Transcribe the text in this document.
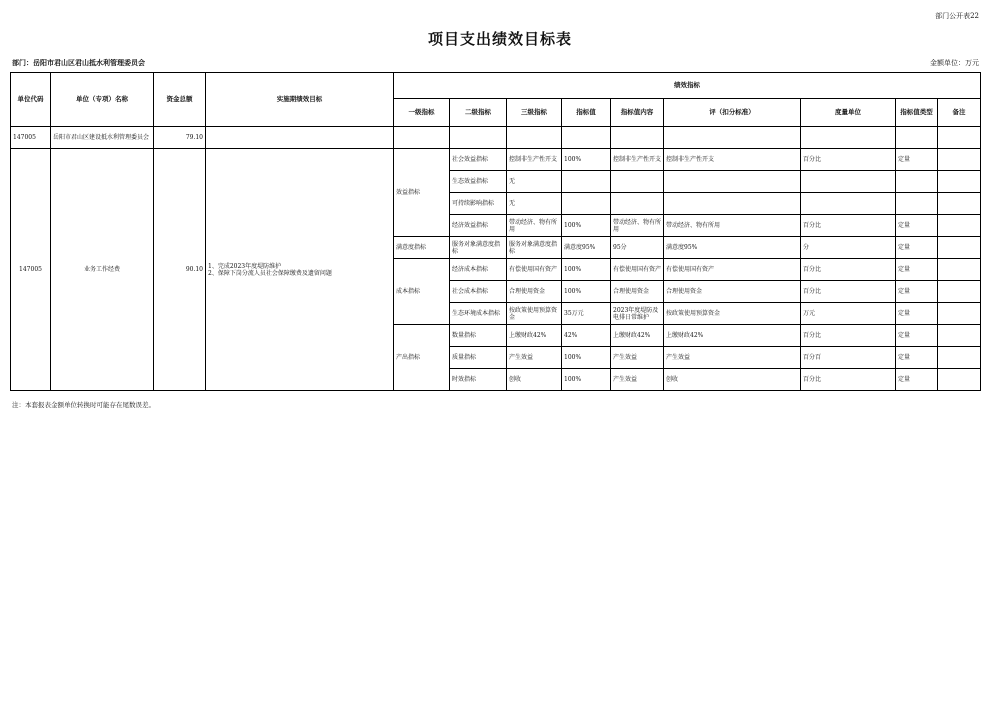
部门公开表22
项目支出绩效目标表
部门：岳阳市君山区君山抵水利管理委员会	金额单位：万元
单位代码	单位（专项）名称	资金总额	实施期绩效目标	绩效指标								
				一级指标	二级指标	三级指标	指标值	指标值内容	评（扣分标准）	度量单位	指标值类型	备注
147005	岳阳市君山区建设抵水利管理委员会	79.10										
147005	业务工作经费	90.10	1、完成2023年度堤防维护
2、保障下岗分流人员社会保障缴费及遗留问题	效益指标	社会效益指标	控制非生产性开支	100%	控制非生产性开支	控制非生产性开支	百分比	定量	
					生态效益指标	无						
					可持续影响指标	无						
					经济效益指标	带动经济、物有所用	100%	带动经济、物有所用	带动经济、物有所用	百分比	定量	
				满意度指标	服务对象满意度指标	服务对象满意度指标	满意度95%	95分	满意度95%	分	定量	
				成本指标	经济成本指标	有偿使用国有资产	100%	有偿使用国有资产	有偿使用国有资产	百分比	定量	
					社会成本指标	合理使用资金	100%	合理使用资金	合理使用资金	百分比	定量	
					生态环境成本指标	按政策使用预算资金	35万元	2023年度堤防及电排日常维护	按政策使用预算资金	万元	定量	
				产出指标	数量指标	上缴财政42%	42%	上缴财政42%	上缴财政42%	百分比	定量	
					质量指标	产生效益	100%	产生效益	产生效益	百分百	定量	
					时效指标	创收	100%	产生效益	创收	百分比	定量	
注：本套报表金额单位转换时可能存在尾数误差。
